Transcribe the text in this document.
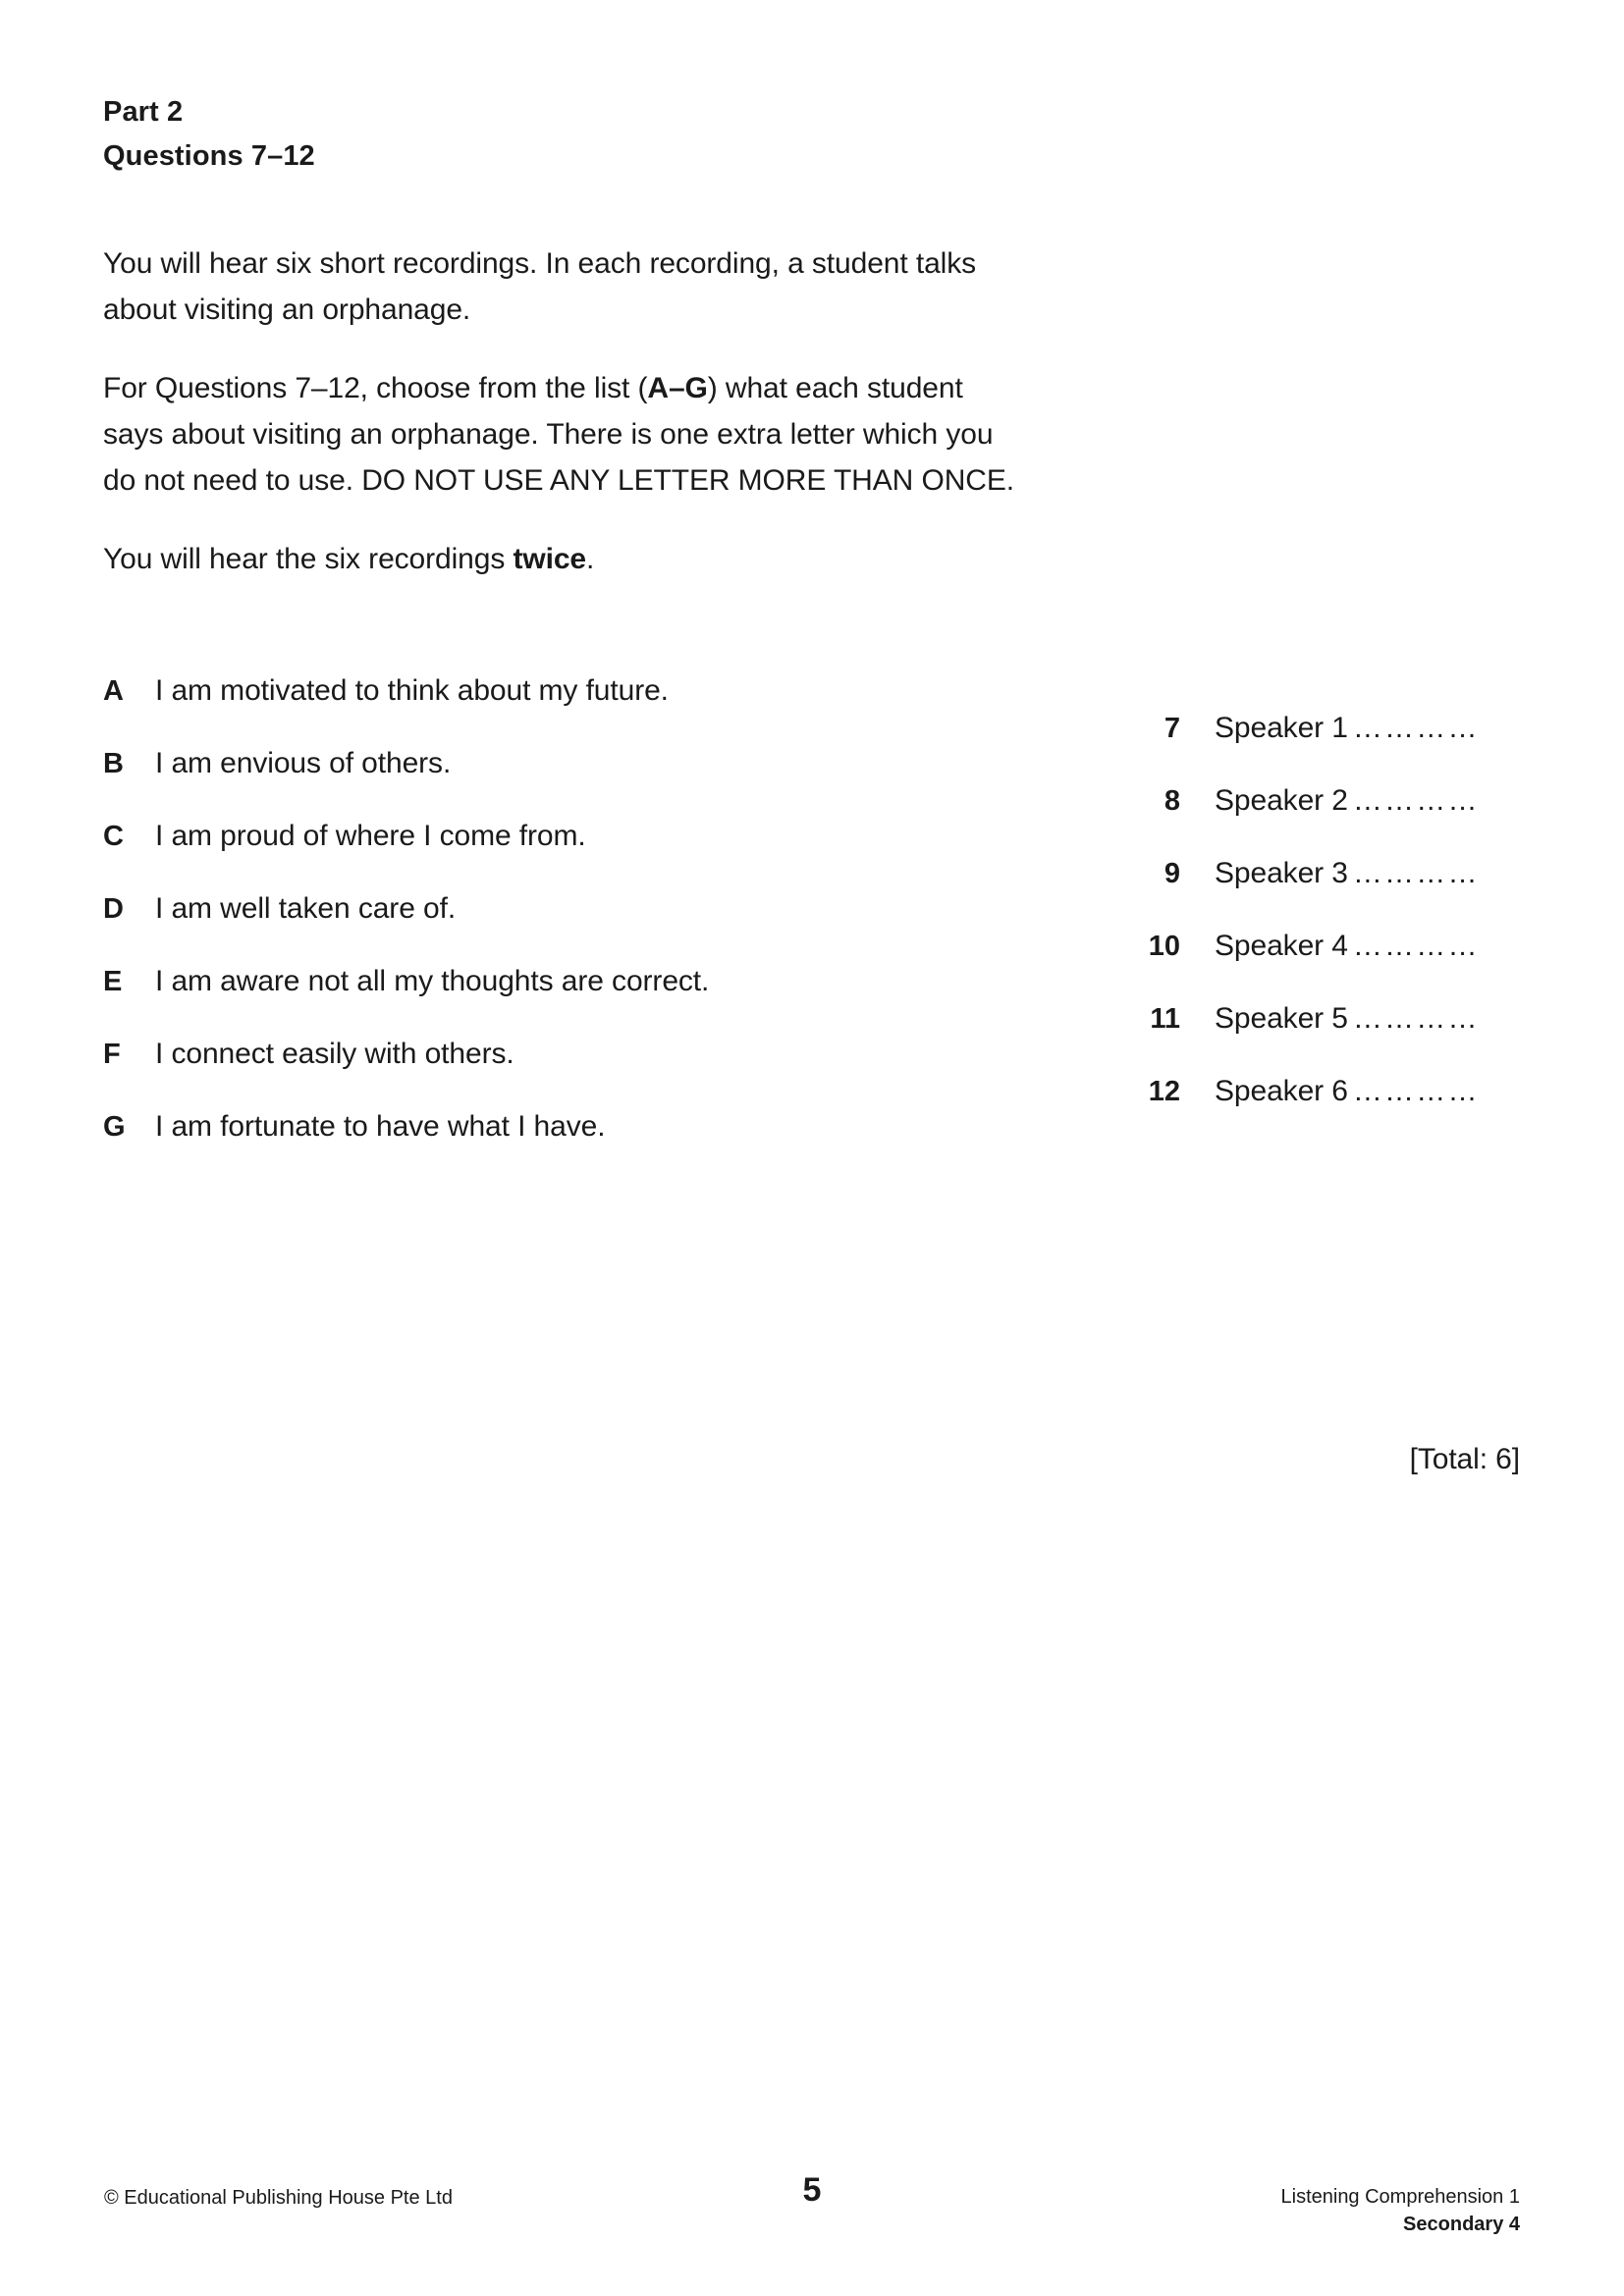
Part 2
Questions 7–12
You will hear six short recordings. In each recording, a student talks about visiting an orphanage.
For Questions 7–12, choose from the list (A–G) what each student says about visiting an orphanage. There is one extra letter which you do not need to use. DO NOT USE ANY LETTER MORE THAN ONCE.
You will hear the six recordings twice.
A I am motivated to think about my future.
B I am envious of others.
C I am proud of where I come from.
D I am well taken care of.
E I am aware not all my thoughts are correct.
F I connect easily with others.
G I am fortunate to have what I have.
7 Speaker 1 …………
8 Speaker 2 …………
9 Speaker 3 …………
10 Speaker 4 …………
11 Speaker 5 …………
12 Speaker 6 …………
[Total: 6]
© Educational Publishing House Pte Ltd	5	Listening Comprehension 1
Secondary 4
